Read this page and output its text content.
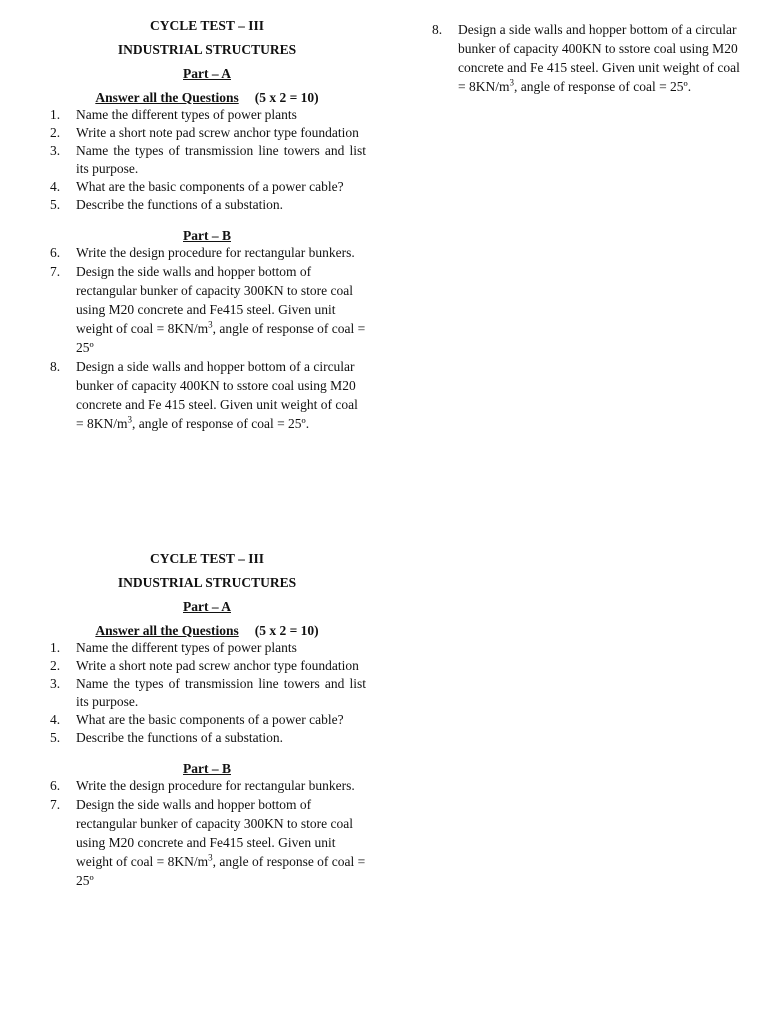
CYCLE TEST – III

INDUSTRIAL STRUCTURES

Part – A

Answer all the Questions (5 x 2 = 10)
1. Name the different types of power plants
2. Write a short note pad screw anchor type foundation
3. Name the types of transmission line towers and list its purpose.
4. What are the basic components of a power cable?
5. Describe the functions of a substation.

Part – B

6. Write the design procedure for rectangular bunkers.
7. Design the side walls and hopper bottom of rectangular bunker of capacity 300KN to store coal using M20 concrete and Fe415 steel. Given unit weight of coal = $8KN/m^3$, angle of response of coal = 25º
8. Design a side walls and hopper bottom of a circular bunker of capacity 400KN to sstore coal using M20 concrete and Fe 415 steel. Given unit weight of coal = $8KN/m^3$, angle of response of coal = 25º.

CYCLE TEST – III

INDUSTRIAL STRUCTURES

Part – A

Answer all the Questions (5 x 2 = 10)
1. Name the different types of power plants
2. Write a short note pad screw anchor type foundation
3. Name the types of transmission line towers and list its purpose.
4. What are the basic components of a power cable?
5. Describe the functions of a substation.

Part – B

6. Write the design procedure for rectangular bunkers.
7. Design the side walls and hopper bottom of rectangular bunker of capacity 300KN to store coal using M20 concrete and Fe415 steel. Given unit weight of coal = $8KN/m^3$, angle of response of coal = 25º
8. Design a side walls and hopper bottom of a circular bunker of capacity 400KN to sstore coal using M20 concrete and Fe 415 steel. Given unit weight of coal = $8KN/m^3$, angle of response of coal = 25º.
